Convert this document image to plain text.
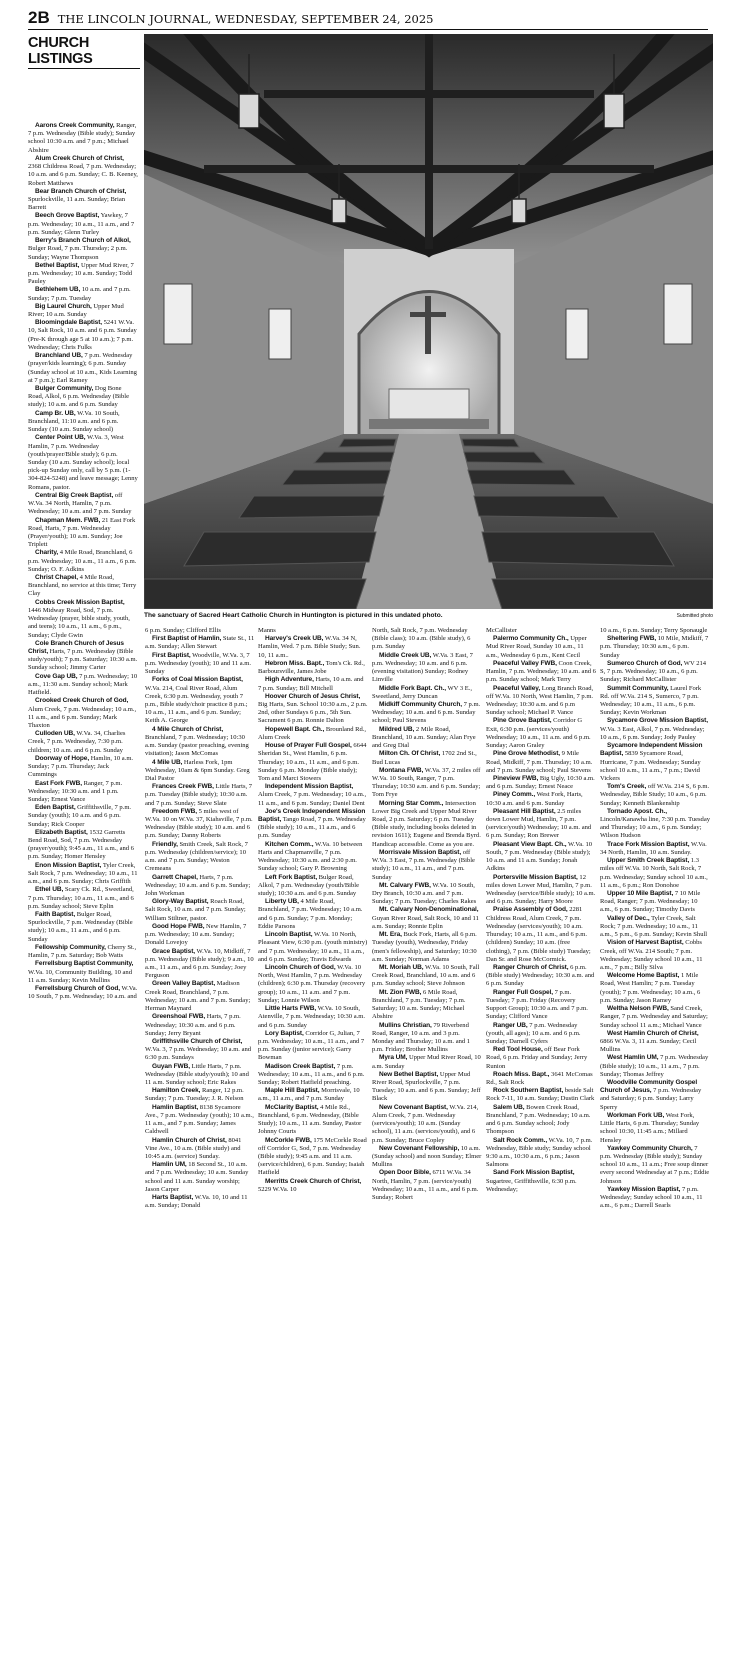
2B THE LINCOLN JOURNAL, WEDNESDAY, SEPTEMBER 24, 2025
CHURCH LISTINGS
The sanctuary of Sacred Heart Catholic Church in Huntington is pictured in this undated photo.	Submitted photo
Aarons Creek Community, Ranger, 7 p.m. Wednesday (Bible study); Sunday school 10:30 a.m. and 7 p.m.; Michael Abshire
Alum Creek Church of Christ, 2368 Childress Road, 7 p.m. Wednesday; 10 a.m. and 6 p.m. Sunday; C. B. Keeney, Robert Matthews
Bear Branch Church of Christ, Spurlockville, 11 a.m. Sunday; Brian Barrett
Beech Grove Baptist, Yawkey, 7 p.m. Wednesday; 10 a.m., 11 a.m., and 7 p.m. Sunday; Glenn Turley
Berry's Branch Church of Alkol, Bulger Road, 7 p.m. Thursday; 2 p.m. Sunday; Wayne Thompson
Bethel Baptist, Upper Mud River, 7 p.m. Wednesday; 10 a.m. Sunday; Todd Pauley
Bethlehem UB, 10 a.m. and 7 p.m. Sunday; 7 p.m. Tuesday
Big Laurel Church, Upper Mud River; 10 a.m. Sunday
Bloomingdale Baptist, 5241 W.Va. 10, Salt Rock, 10 a.m. and 6 p.m. Sunday (Pre-K through age 5 at 10 a.m.); 7 p.m. Wednesday; Chris Fulks
Branchland UB, 7 p.m. Wednesday (prayer/kids learning); 6 p.m. Sunday (Sunday school at 10 a.m., Kids Learning at 7 p.m.); Earl Ramey
Bulger Community, Dog Bone Road, Alkol, 6 p.m. Wednesday (Bible study); 10 a.m. and 6 p.m. Sunday
Camp Br. UB, W.Va. 10 South, Branchland, 11:10 a.m. and 6 p.m. Sunday (10 a.m. Sunday school)
Center Point UB, W.Va. 3, West Hamlin, 7 p.m. Wednesday (youth/prayer/Bible study); 6 p.m. Sunday (10 a.m. Sunday school); local pick-up Sunday only, call by 5 p.m. (1-304-824-5248) and leave message; Lenny Romans, pastor.
Central Big Creek Baptist, off W.Va. 34 North, Hamlin, 7 p.m. Wednesday; 10 a.m. and 7 p.m. Sunday
Chapman Mem. FWB, 21 East Fork Road, Harts, 7 p.m. Wednesday (Prayer/youth); 10 a.m. Sunday; Joe Triplett
Charity, 4 Mile Road, Branchland, 6 p.m. Wednesday; 10 a.m., 11 a.m., 6 p.m. Sunday; O. F. Adkins
Christ Chapel, 4 Mile Road, Branchland, no service at this time; Terry Clay
Cobbs Creek Mission Baptist, 1446 Midway Road, Sod, 7 p.m. Wednesday (prayer, bible study, youth, and teens); 10 a.m., 11 a.m., 6 p.m., Sunday; Clyde Gwin
Cole Branch Church of Jesus Christ, Harts, 7 p.m. Wednesday (Bible study/youth); 7 p.m. Saturday; 10:30 a.m. Sunday school; Jimmy Carter
Cove Gap UB, 7 p.m. Wednesday; 10 a.m., 11:30 a.m. Sunday school; Mark Hatfield.
Crooked Creek Church of God, Alum Creek, 7 p.m. Wednesday; 10 a.m., 11 a.m., and 6 p.m. Sunday; Mark Thaxton
Culloden UB, W.Va. 34, Charlies Creek, 7 p.m. Wednesday, 7:30 p.m. children; 10 a.m. and 6 p.m. Sunday
Doorway of Hope, Hamlin, 10 a.m. Sunday; 7 p.m. Thursday; Jack Cummings
East Fork FWB, Ranger, 7 p.m. Wednesday; 10:30 a.m. and 1 p.m. Sunday; Ernest Vance
Eden Baptist, Griffithsville, 7 p.m. Sunday (youth); 10 a.m. and 6 p.m. Sunday; Rick Cooper
Elizabeth Baptist, 1532 Garretts Bend Road, Sod, 7 p.m. Wednesday (prayer/youth); 9:45 a.m., 11 a.m., and 6 p.m. Sunday; Homer Hensley
Enon Mission Baptist, Tyler Creek, Salt Rock, 7 p.m. Wednesday; 10 a.m., 11 a.m., and 6 p.m. Sunday; Chris Griffith
Ethel UB, Scary Ck. Rd., Sweetland, 7 p.m. Thursday; 10 a.m., 11 a.m., and 6 p.m. Sunday school; Steve Eplin
Faith Baptist, Bulger Road, Spurlockville, 7 p.m. Wednesday (Bible study); 10 a.m., 11 a.m., and 6 p.m. Sunday
Fellowship Community, Cherry St., Hamlin, 7 p.m. Saturday; Bob Watts
Ferrellsburg Baptist Community, W.Va. 10, Community Building, 10 and 11 a.m. Sunday; Kevin Mullins
Ferrellsburg Church of God, W.Va. 10 South, 7 p.m. Wednesday; 10 a.m. and
6 p.m. Sunday; Clifford Ellis
First Baptist of Hamlin, State St., 11 a.m. Sunday; Allen Stewart
First Baptist, Woodville, W.Va. 3, 7 p.m. Wednesday (youth); 10 and 11 a.m. Sunday
Forks of Coal Mission Baptist, W.Va. 214, Coal River Road, Alum Creek, 6:30 p.m. Wednesday, youth 7 p.m., Bible study/choir practice 8 p.m.; 10 a.m., 11 a.m., and 6 p.m. Sunday; Keith A. George
4 Mile Church of Christ, Branchland, 7 p.m. Wednesday; 10:30 a.m. Sunday (pastor preaching, evening visitation); Jason McComas
4 Mile UB, Harless Fork, 1pm Wednesday, 10am & 6pm Sunday. Greg Dial Pastor
Frances Creek FWB, Little Harts, 7 p.m. Tuesday (Bible study); 10:30 a.m. and 7 p.m. Sunday; Steve Slate
Freedom FWB, 5 miles west of W.Va. 10 on W.Va. 37, Kiahsville, 7 p.m. Wednesday (Bible study); 10 a.m. and 6 p.m. Sunday; Danny Roberts
Friendly, Smith Creek, Salt Rock, 7 p.m. Wednesday (children/service); 10 a.m. and 7 p.m. Sunday; Weston Cremeans
Garrett Chapel, Harts, 7 p.m. Wednesday; 10 a.m. and 6 p.m. Sunday; John Workman
Glory-Way Baptist, Roach Road, Salt Rock, 10 a.m. and 7 p.m. Sunday; William Stiltner, pastor.
Good Hope FWB, New Hamlin, 7 p.m. Wednesday; 10 a.m. Sunday; Donald Lovejoy
Grace Baptist, W.Va. 10, Midkiff, 7 p.m. Wednesday (Bible study); 9 a.m., 10 a.m., 11 a.m., and 6 p.m. Sunday; Joey Ferguson
Green Valley Baptist, Madison Creek Road, Branchland, 7 p.m. Wednesday; 10 a.m. and 7 p.m. Sunday; Herman Maynard
Greenshoal FWB, Harts, 7 p.m. Wednesday; 10:30 a.m. and 6 p.m. Sunday; Jerry Bryant
Griffithsville Church of Christ, W.Va. 3, 7 p.m. Wednesday; 10 a.m. and 6:30 p.m. Sundays
Guyan FWB, Little Harts, 7 p.m. Wednesday (Bible study/youth); 10 and 11 a.m. Sunday school; Eric Rakes
Hamilton Creek, Ranger, 12 p.m. Sunday; 7 p.m. Tuesday; J. R. Nelson
Hamlin Baptist, 8138 Sycamore Ave., 7 p.m. Wednesday (youth); 10 a.m., 11 a.m., and 7 p.m. Sunday; James Caldwell
Hamlin Church of Christ, 8041 Vine Ave., 10 a.m. (Bible study) and 10:45 a.m. (service) Sunday.
Hamlin UM, 18 Second St., 10 a.m. and 7 p.m. Wednesday; 10 a.m. Sunday school and 11 a.m. Sunday worship; Jason Carper
Harts Baptist, W.Va. 10, 10 and 11 a.m. Sunday; Donald
Manns
Harvey's Creek UB, W.Va. 34 N, Hamlin, Wed. 7 p.m. Bible Study; Sun. 10, 11 a.m..
Hebron Miss. Bapt., Tom's Ck. Rd., Barboursville, James Jobe
High Adventure, Harts, 10 a.m. and 7 p.m. Sunday; Bill Mitchell
Hoover Church of Jesus Christ, Big Harts, Sun. School 10:30 a.m., 2 p.m. 2nd, other Sundays 6 p.m., 5th Sun. Sacrament 6 p.m. Ronnie Dalton
Hopewell Bapt. Ch., Brounland Rd., Alum Creek
House of Prayer Full Gospel, 6644 Sheridan St., West Hamlin, 6 p.m. Thursday; 10 a.m., 11 a.m., and 6 p.m. Sunday 6 p.m. Monday (Bible study); Tom and Marci Stowers
Independent Mission Baptist, Alum Creek, 7 p.m. Wednesday; 10 a.m., 11 a.m., and 6 p.m. Sunday; Daniel Dent
Joe's Creek Independent Mission Baptist, Tango Road, 7 p.m. Wednesday (Bible study); 10 a.m., 11 a.m., and 6 p.m. Sunday
Kitchen Comm., W.Va. 10 between Harts and Chapmanville, 7 p.m. Wednesday; 10:30 a.m. and 2:30 p.m. Sunday school; Gary P. Browning
Left Fork Baptist, Bulger Road, Alkol, 7 p.m. Wednesday (youth/Bible study); 10:30 a.m. and 6 p.m. Sunday
Liberty UB, 4 Mile Road, Branchland, 7 p.m. Wednesday; 10 a.m. and 6 p.m. Sunday; 7 p.m. Monday; Eddie Parsons
Lincoln Baptist, W.Va. 10 North, Pleasant View, 6:30 p.m. (youth ministry) and 7 p.m. Wednesday; 10 a.m., 11 a.m., and 6 p.m. Sunday; Travis Edwards
Lincoln Church of God, W.Va. 10 North, West Hamlin, 7 p.m. Wednesday (children); 6:30 p.m. Thursday (recovery group); 10 a.m., 11 a.m. and 7 p.m. Sunday; Lonnie Wilson
Little Harts FWB, W.Va. 10 South, Atenville, 7 p.m. Wednesday; 10:30 a.m. and 6 p.m. Sunday
Lory Baptist, Corridor G, Julian, 7 p.m. Wednesday; 10 a.m., 11 a.m., and 7 p.m. Sunday (junior service); Garry Bowman
Madison Creek Baptist, 7 p.m. Wednesday; 10 a.m., 11 a.m., and 6 p.m. Sunday; Robert Hatfield preaching.
Maple Hill Baptist, Morrisvale, 10 a.m., 11 a.m., and 7 p.m. Sunday
McClarity Baptist, 4 Mile Rd., Branchland, 6 p.m. Wednesday, (Bible Study); 10 a.m., 11 a.m. Sunday, Pastor Johnny Courts
McCorkle FWB, 175 McCorkle Road off Corridor G, Sod, 7 p.m. Wednesday (Bible study); 9:45 a.m. and 11 a.m. (service/children), 6 p.m. Sunday; Isaiah Hatfield
Merritts Creek Church of Christ, 5229 W.Va. 10
North, Salt Rock, 7 p.m. Wednesday (Bible class); 10 a.m. (Bible study), 6 p.m. Sunday
Middle Creek UB, W.Va. 3 East, 7 p.m. Wednesday; 10 a.m. and 6 p.m. (evening visitation) Sunday; Rodney Linville
Middle Fork Bapt. Ch., WV 3 E., Sweetland, Jerry Duncan
Midkiff Community Church, 7 p.m. Wednesday; 10 a.m. and 6 p.m. Sunday school; Paul Stevens
Mildred UB, 2 Mile Road, Branchland, 10 a.m. Sunday; Alan Frye and Greg Dial
Milton Ch. Of Christ, 1702 2nd St., Bud Lucas
Montana FWB, W.Va. 37, 2 miles off W.Va. 10 South, Ranger, 7 p.m. Thursday; 10:30 a.m. and 6 p.m. Sunday; Tom Frye
Morning Star Comm., Intersection Lower Big Creek and Upper Mud River Road, 2 p.m. Saturday; 6 p.m. Tuesday (Bible study, including books deleted in revision 1611); Eugene and Brenda Byrd. Handicap accessible. Come as you are.
Morrisvale Mission Baptist, off W.Va. 3 East, 7 p.m. Wednesday (Bible study); 10 a.m., 11 a.m., and 7 p.m. Sunday
Mt. Calvary FWB, W.Va. 10 South, Dry Branch, 10:30 a.m. and 7 p.m. Sunday; 7 p.m. Tuesday; Charles Rakes
Mt. Calvary Non-Denominational, Guyan River Road, Salt Rock, 10 and 11 a.m. Sunday; Ronnie Eplin
Mt. Era, Buck Fork, Harts, all 6 p.m. Tuesday (youth), Wednesday, Friday (men's fellowship), and Saturday; 10:30 a.m. Sunday; Norman Adams
Mt. Moriah UB, W.Va. 10 South, Fall Creek Road, Branchland, 10 a.m. and 6 p.m. Sunday school; Steve Johnson
Mt. Zion FWB, 6 Mile Road, Branchland, 7 p.m. Tuesday; 7 p.m. Saturday; 10 a.m. Sunday; Michael Abshire
Mullins Christian, 79 Riverbend Road, Ranger, 10 a.m. and 3 p.m. Monday and Thursday; 10 a.m. and 1 p.m. Friday; Brother Mullins
Myra UM, Upper Mud River Road, 10 a.m. Sunday
New Bethel Baptist, Upper Mud River Road, Spurlockville, 7 p.m. Tuesday; 10 a.m. and 6 p.m. Sunday; Jeff Black
New Covenant Baptist, W.Va. 214, Alum Creek, 7 p.m. Wednesday (services/youth); 10 a.m. (Sunday school), 11 a.m. (services/youth), and 6 p.m. Sunday; Bruce Copley
New Covenant Fellowship, 10 a.m. (Sunday school) and noon Sunday; Elmer Mullins
Open Door Bible, 6711 W.Va. 34 North, Hamlin, 7 p.m. (service/youth) Wednesday; 10 a.m., 11 a.m., and 6 p.m. Sunday; Robert
McCallister
Palermo Community Ch., Upper Mud River Road, Sunday 10 a.m., 11 a.m., Wednesday 6 p.m., Kent Cecil
Peaceful Valley FWB, Coon Creek, Hamlin, 7 p.m. Wednesday; 10 a.m. and 6 p.m. Sunday school; Mark Terry
Peaceful Valley, Long Branch Road, off W.Va. 10 North, West Hamlin, 7 p.m. Wednesday; 10:30 a.m. and 6 p.m Sunday school; Michael P. Vance
Pine Grove Baptist, Corridor G Exit, 6:30 p.m. (services/youth) Wednesday; 10 a.m., 11 a.m. and 6 p.m. Sunday; Aaron Graley
Pine Grove Methodist, 9 Mile Road, Midkiff, 7 p.m. Thursday; 10 a.m. and 7 p.m. Sunday school; Paul Stevens
Pineview FWB, Big Ugly, 10:30 a.m. and 6 p.m. Sunday; Ernest Neace
Piney Comm., West Fork, Harts, 10:30 a.m. and 6 p.m. Sunday
Pleasant Hill Baptist, 2.5 miles down Lower Mud, Hamlin, 7 p.m. (service/youth) Wednesday; 10 a.m. and 6 p.m. Sunday; Ron Brewer
Pleasant View Bapt. Ch., W.Va. 10 South, 7 p.m. Wednesday (Bible study); 10 a.m. and 11 a.m. Sunday; Jonah Adkins
Portersville Mission Baptist, 12 miles down Lower Mud, Hamlin, 7 p.m. Wednesday (service/Bible study); 10 a.m. and 6 p.m. Sunday; Harry Moore
Praise Assembly of God, 2281 Childress Road, Alum Creek, 7 p.m. Wednesday (services/youth); 10 a.m. Thursday; 10 a.m., 11 a.m., and 6 p.m. (children) Sunday; 10 a.m. (free clothing), 7 p.m. (Bible study) Tuesday; Dan Sr. and Rose McCormick.
Ranger Church of Christ, 6 p.m. (Bible study) Wednesday; 10:30 a.m. and 6 p.m. Sunday
Ranger Full Gospel, 7 p.m. Tuesday; 7 p.m. Friday (Recovery Support Group); 10:30 a.m. and 7 p.m. Sunday; Clifford Vance
Ranger UB, 7 p.m. Wednesday (youth, all ages); 10 a.m. and 6 p.m. Sunday; Darnell Cyfers
Red Tool House, off Bear Fork Road, 6 p.m. Friday and Sunday; Jerry Runion
Roach Miss. Bapt., 3641 McComas Rd., Salt Rock
Rock Southern Baptist, beside Salt Rock 7-11, 10 a.m. Sunday; Dustin Clark
Salem UB, Bowen Creek Road, Branchland, 7 p.m. Wednesday; 10 a.m. and 6 p.m. Sunday school; Jody Thompson
Salt Rock Comm., W.Va. 10, 7 p.m. Wednesday, Bible study; Sunday school 9:30 a.m., 10:30 a.m., 6 p.m.; Jason Salmons
Sand Fork Mission Baptist, Sugartree, Griffithsville, 6:30 p.m. Wednesday;
10 a.m., 6 p.m. Sunday; Terry Sponaugle
Sheltering FWB, 10 Mile, Midkiff, 7 p.m. Thursday; 10:30 a.m., 6 p.m. Sunday
Sumerco Church of God, WV 214 S, 7 p.m. Wednesday; 10 a.m., 6 p.m. Sunday; Richard McCallister
Summit Community, Laurel Fork Rd. off W.Va. 214 S, Sumerco, 7 p.m. Wednesday; 10 a.m., 11 a.m., 6 p.m. Sunday; Kevin Workman
Sycamore Grove Mission Baptist, W.Va. 3 East, Alkol, 7 p.m. Wednesday; 10 a.m., 6 p.m. Sunday; Jody Pauley
Sycamore Independent Mission Baptist, 5839 Sycamore Road, Hurricane, 7 p.m. Wednesday; Sunday school 10 a.m., 11 a.m., 7 p.m.; David Vickers
Tom's Creek, off W.Va. 214 S, 6 p.m. Wednesday, Bible Study; 10 a.m., 6 p.m. Sunday; Kenneth Blankenship
Tornado Apost. Ch., Lincoln/Kanawha line, 7:30 p.m. Tuesday and Thursday; 10 a.m., 6 p.m. Sunday; Wilson Hudson
Trace Fork Mission Baptist, W.Va. 34 North, Hamlin, 10 a.m. Sunday.
Upper Smith Creek Baptist, 1.3 miles off W.Va. 10 North, Salt Rock, 7 p.m. Wednesday; Sunday school 10 a.m., 11 a.m., 6 p.m.; Ron Donohoe
Upper 10 Mile Baptist, 7 10 Mile Road, Ranger; 7 p.m. Wednesday; 10 a.m., 6 p.m. Sunday; Timothy Davis
Valley of Dec., Tyler Creek, Salt Rock; 7 p.m. Wednesday; 10 a.m., 11 a.m., 5 p.m., 6 p.m. Sunday; Kevin Shull
Vision of Harvest Baptist, Cobbs Creek, off W.Va. 214 South; 7 p.m. Wednesday; Sunday school 10 a.m., 11 a.m., 7 p.m.; Billy Silva
Welcome Home Baptist, 1 Mile Road, West Hamlin; 7 p.m. Tuesday (youth); 7 p.m. Wednesday; 10 a.m., 6 p.m. Sunday; Jason Ramey
Weltha Nelson FWB, Sand Creek, Ranger, 7 p.m. Wednesday and Saturday; Sunday school 11 a.m.; Michael Vance
West Hamlin Church of Christ, 6866 W.Va. 3, 11 a.m. Sunday; Cecil Mullins
West Hamlin UM, 7 p.m. Wednesday (Bible study); 10 a.m., 11 a.m., 7 p.m. Sunday; Thomas Jeffrey
Woodville Community Gospel Church of Jesus, 7 p.m. Wednesday and Saturday; 6 p.m. Sunday; Larry Sperry
Workman Fork UB, West Fork, Little Harts, 6 p.m. Thursday; Sunday school 10:30, 11:45 a.m.; Millard Hensley
Yawkey Community Church, 7 p.m. Wednesday (Bible study); Sunday school 10 a.m., 11 a.m.; Free soup dinner every second Wednesday at 7 p.m.; Eddie Johnson
Yawkey Mission Baptist, 7 p.m. Wednesday; Sunday school 10 a.m., 11 a.m., 6 p.m.; Darrell Searls
